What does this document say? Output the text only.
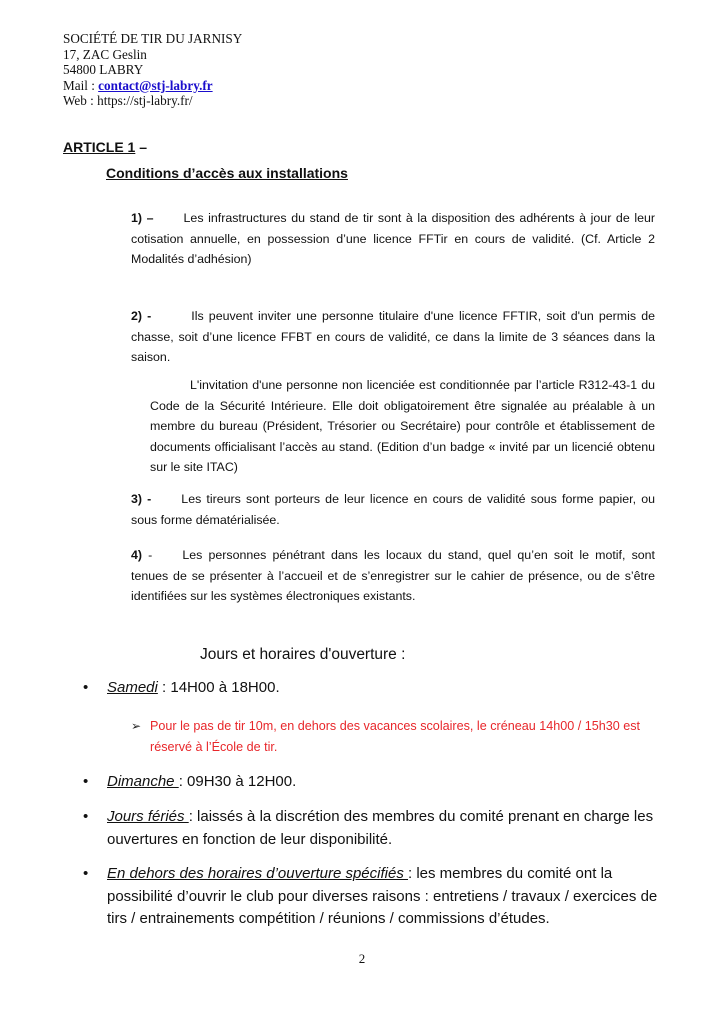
SOCIÉTÉ DE TIR DU JARNISY
17, ZAC Geslin
54800 LABRY
Mail : contact@stj-labry.fr
Web : https://stj-labry.fr/
ARTICLE 1 –
Conditions d’accès aux installations
1) – Les infrastructures du stand de tir sont à la disposition des adhérents à jour de leur cotisation annuelle, en possession d’une licence FFTir en cours de validité. (Cf. Article 2 Modalités d’adhésion)
2) -	Ils peuvent inviter une personne titulaire d'une licence FFTIR, soit d'un permis de chasse, soit d’une licence FFBT en cours de validité, ce dans la limite de 3 séances dans la saison.
L'invitation d'une personne non licenciée est conditionnée par l’article R312-43-1 du Code de la Sécurité Intérieure. Elle doit obligatoirement être signalée au préalable à un membre du bureau (Président, Trésorier ou Secrétaire) pour contrôle et établissement de documents officialisant l’accès au stand. (Edition d’un badge « invité par un licencié obtenu sur le site ITAC)
3) - Les tireurs sont porteurs de leur licence en cours de validité sous forme papier, ou sous forme dématérialisée.
4) - Les personnes pénétrant dans les locaux du stand, quel qu’en soit le motif, sont tenues de se présenter à l’accueil et de s’enregistrer sur le cahier de présence, ou de s’être identifiées sur les systèmes électroniques existants.
Jours et horaires d'ouverture :
• Samedi : 14H00 à 18H00.
➢ Pour le pas de tir 10m, en dehors des vacances scolaires, le créneau 14h00 / 15h30 est réservé à l’École de tir.
• Dimanche : 09H30 à 12H00.
• Jours fériés : laissés à la discrétion des membres du comité prenant en charge les ouvertures en fonction de leur disponibilité.
• En dehors des horaires d’ouverture spécifiés : les membres du comité ont la possibilité d’ouvrir le club pour diverses raisons : entretiens / travaux / exercices de tirs / entrainements compétition / réunions / commissions d’études.
2
